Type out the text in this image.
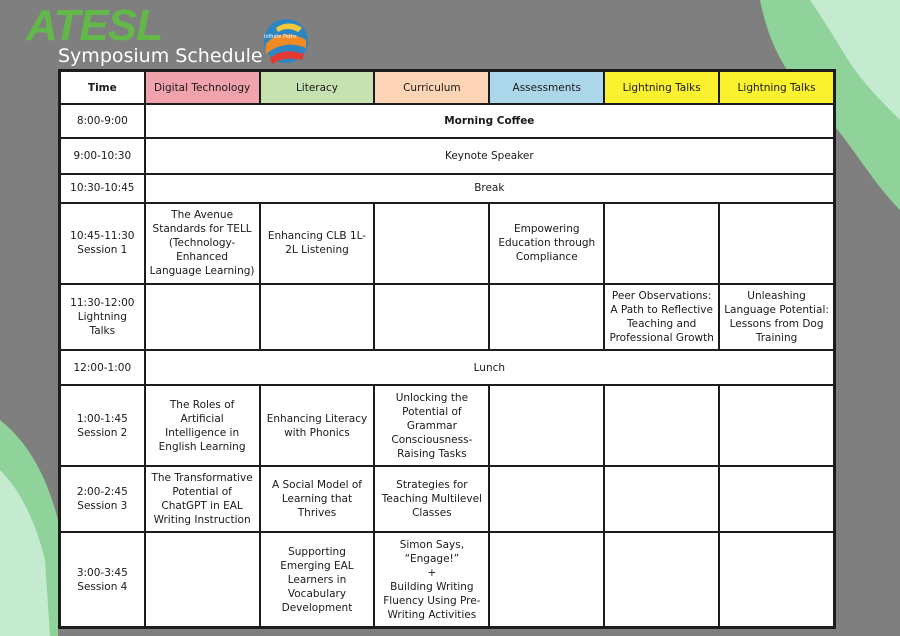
ATESL
Symposium Schedule
Infinite Paths
Time	Digital Technology	Literacy	Curriculum	Assessments	Lightning Talks	Lightning Talks
8:00-9:00	Morning Coffee					
9:00-10:30	Keynote Speaker					
10:30-10:45	Break					
10:45-11:30
Session 1	The Avenue Standards for TELL (Technology-Enhanced Language Learning)	Enhancing CLB 1L-2L Listening		Empowering Education through Compliance		
11:30-12:00
Lightning Talks					Peer Observations: A Path to Reflective Teaching and Professional Growth	Unleashing Language Potential: Lessons from Dog Training
12:00-1:00	Lunch					
1:00-1:45
Session 2	The Roles of Artificial Intelligence in English Learning	Enhancing Literacy with Phonics	Unlocking the Potential of Grammar Consciousness-Raising Tasks			
2:00-2:45
Session 3	The Transformative Potential of ChatGPT in EAL Writing Instruction	A Social Model of Learning that Thrives	Strategies for Teaching Multilevel Classes			
3:00-3:45
Session 4		Supporting Emerging EAL Learners in Vocabulary Development	Simon Says, “Engage!”
+
Building Writing Fluency Using Pre-Writing Activities			
